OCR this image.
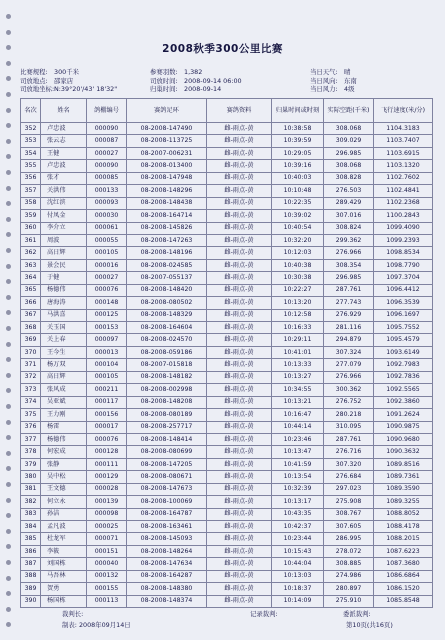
2008秋季300公里比赛
比赛规程: 300千米
司放地点: 邵家店
司放地坐标:N:39°20'/43' 18'32"
参赛羽数: 1,382
司放时间: 2008-09-14 06:00
归巢时间: 2008-09-14
当日天气: 晴
当日风向: 东南
当日风力: 4级
名次	姓名	鸽棚编号	赛鸽足环	赛鸽资料	归巢时间或时刻	实际空距(千米)	飞行速度(米/分)
352	卢忠波	000090	08-2008-147490	雌-雨点-黄	10:38:58	308.068	1104.3183
353	张云志	000087	08-2008-113725	雌-雨点-黄	10:39:59	309.029	1103.7407
354	王健	000027	08-2007-006231	雌-雨点-黄	10:29:05	296.985	1103.6915
355	卢忠波	000090	08-2008-013400	雌-雨点-黄	10:39:16	308.068	1103.1320
356	张才	000085	08-2008-147948	雌-雨点-黄	10:40:03	308.828	1102.7602
357	关洪伟	000133	08-2008-148296	雌-雨点-黄	10:10:48	276.503	1102.4841
358	沈红滨	000093	08-2008-148438	雌-雨点-黄	10:22:35	289.429	1102.2368
359	付凤金	000030	08-2008-164714	雌-雨点-黄	10:39:02	307.016	1100.2843
360	李介立	000061	08-2008-145826	雌-雨点-黄	10:40:54	308.824	1099.4090
361	周波	000055	08-2008-147263	雌-雨点-黄	10:32:20	299.362	1099.2393
362	高日辉	000105	08-2008-148196	雌-雨点-黄	10:12:03	276.966	1098.8534
363	景会民	000016	08-2008-024585	雌-雨点-黄	10:40:38	308.354	1098.7790
364	于健	000027	08-2007-055137	雌-雨点-黄	10:30:38	296.985	1097.3704
365	杨德伟	000076	08-2008-148420	雌-雨点-黄	10:22:27	287.761	1096.4412
366	唐海涛	000148	08-2008-080502	雌-雨点-黄	10:13:20	277.743	1096.3539
367	马洪喜	000125	08-2008-148329	雌-雨点-黄	10:12:58	276.929	1096.1697
368	关玉国	000153	08-2008-164604	雌-雨点-黄	10:16:33	281.116	1095.7552
369	关上春	000097	08-2008-024570	雌-雨点-黄	10:29:11	294.879	1095.4579
370	王今生	000013	08-2008-059186	雌-雨点-黄	10:41:01	307.324	1093.6149
371	杨万双	000104	08-2007-015818	雌-雨点-黄	10:13:33	277.079	1092.7983
372	高日辉	000105	08-2008-148182	雌-雨点-黄	10:13:27	276.966	1092.7836
373	张风成	000211	08-2008-002998	雌-雨点-黄	10:34:55	300.362	1092.5565
374	吴亚斌	000117	08-2008-148208	雌-雨点-黄	10:13:21	276.752	1092.3860
375	王力刚	000156	08-2008-080189	雌-雨点-黄	10:16:47	280.218	1091.2624
376	杨雷	000017	08-2008-257717	雌-雨点-黄	10:44:14	310.095	1090.9875
377	杨德伟	000076	08-2008-148414	雌-雨点-黄	10:23:46	287.761	1090.9680
378	何宏成	000128	08-2008-080699	雌-雨点-黄	10:13:47	276.716	1090.3632
379	张静	000111	08-2008-147205	雌-雨点-黄	10:41:59	307.320	1089.8516
380	吴中松	000129	08-2008-080671	雌-雨点-黄	10:13:54	276.684	1089.7361
381	王文德	000028	08-2008-147673	雌-雨点-黄	10:32:39	297.023	1089.3590
382	何立永	000139	08-2008-100069	雌-雨点-黄	10:13:17	275.908	1089.3255
383	孙洁	000098	08-2008-164787	雌-雨点-黄	10:43:35	308.767	1088.8052
384	孟凡波	000025	08-2008-163461	雌-雨点-黄	10:42:37	307.605	1088.4178
385	杜龙军	000071	08-2008-145093	雌-雨点-黄	10:23:44	286.995	1088.2015
386	李筱	000151	08-2008-148264	雌-雨点-黄	10:15:43	278.072	1087.6223
387	刘国栋	000040	08-2008-147634	雌-雨点-黄	10:44:04	308.885	1087.3680
388	马吾林	000132	08-2008-164287	雌-雨点-黄	10:13:03	274.986	1086.6864
389	贺勇	000155	08-2008-148380	雌-雨点-黄	10:18:37	280.897	1086.1520
390	杨国栋	000113	08-2008-148374	雌-雨点-黄	10:14:09	275.910	1085.8548
裁判长:	记录裁判:	委派裁判:
制表: 2008年09月14日	第10页(共16页)
